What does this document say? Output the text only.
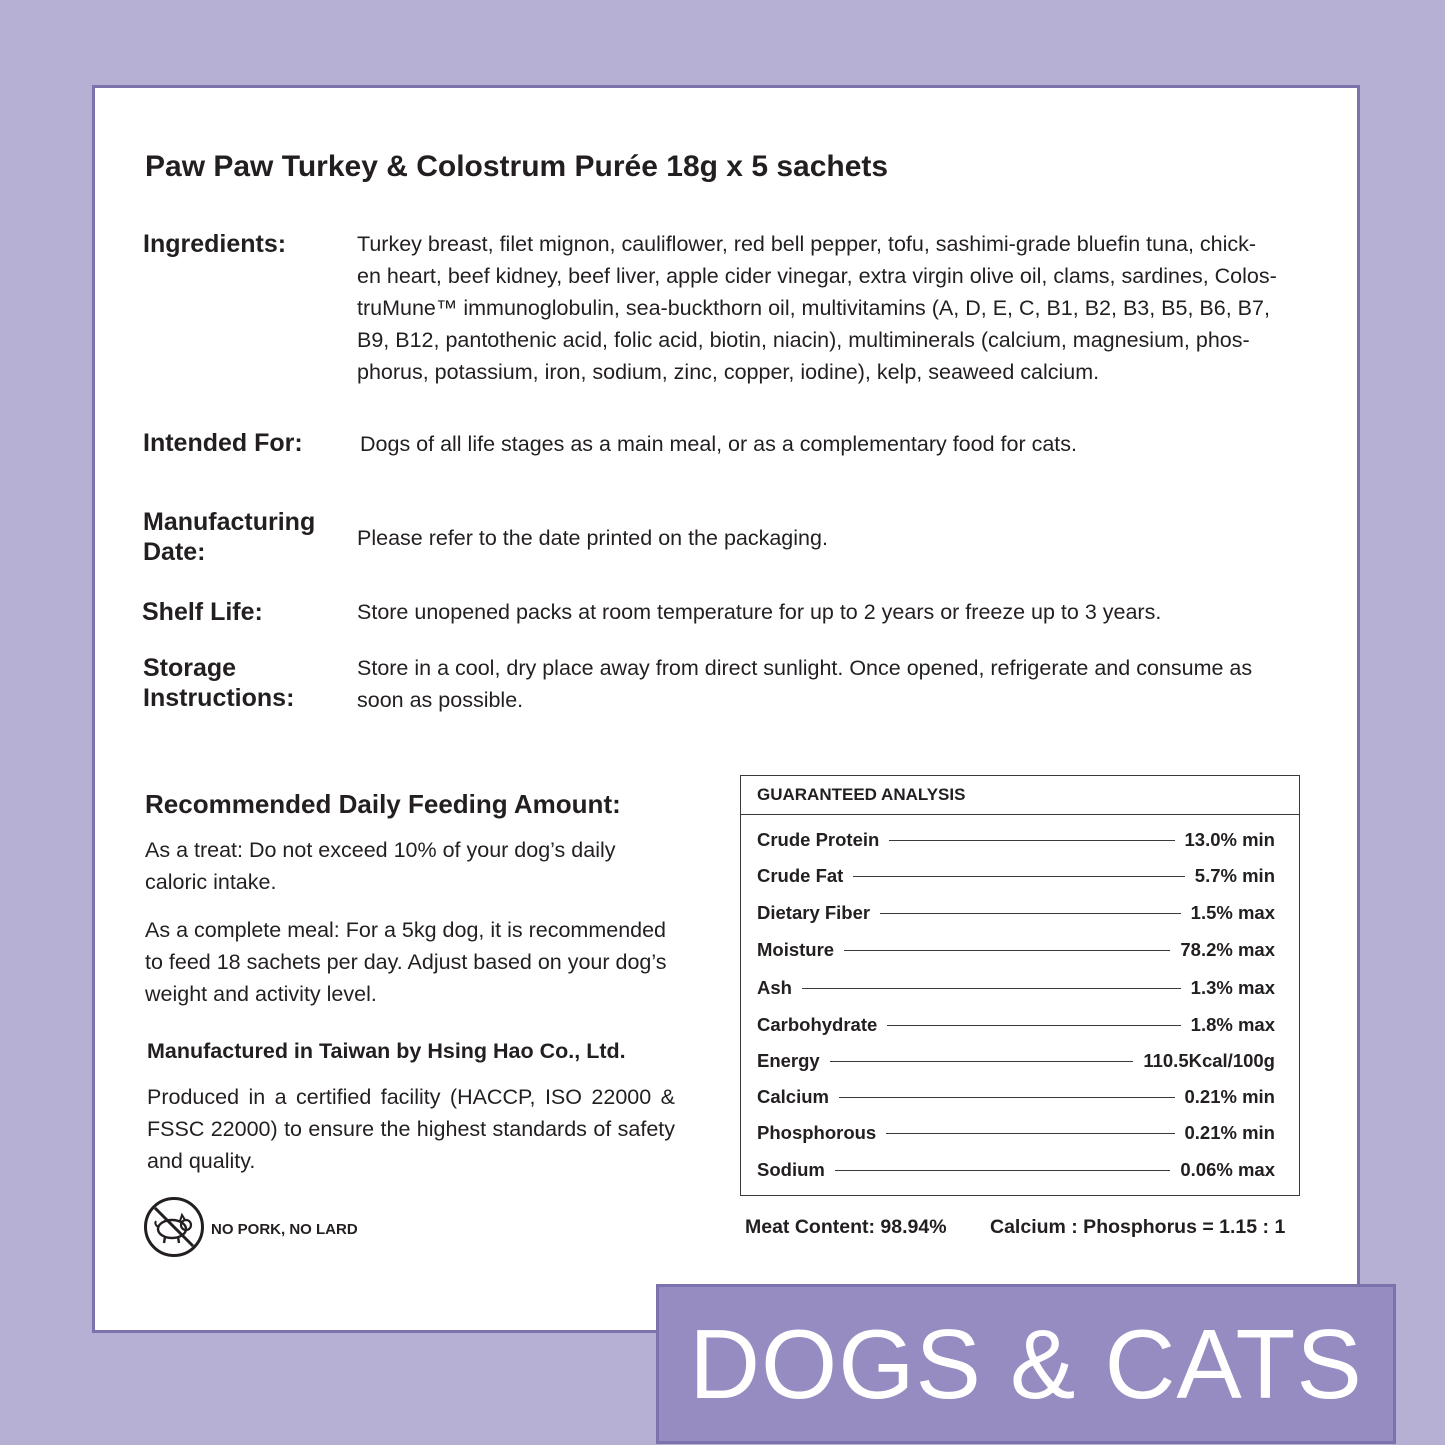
Paw Paw Turkey & Colostrum Purée 18g x 5 sachets
Ingredients:	Turkey breast, filet mignon, cauliflower, red bell pepper, tofu, sashimi-grade bluefin tuna, chick-
en heart, beef kidney, beef liver, apple cider vinegar, extra virgin olive oil, clams, sardines, Colos-
truMune™ immunoglobulin, sea-buckthorn oil, multivitamins (A, D, E, C, B1, B2, B3, B5, B6, B7,
B9, B12, pantothenic acid, folic acid, biotin, niacin), multiminerals (calcium, magnesium, phos-
phorus, potassium, iron, sodium, zinc, copper, iodine), kelp, seaweed calcium.
Intended For:	Dogs of all life stages as a main meal, or as a complementary food for cats.
Manufacturing
Date:	Please refer to the date printed on the packaging.
Shelf Life:	Store unopened packs at room temperature for up to 2 years or freeze up to 3 years.
Storage
Instructions:
Store in a cool, dry place away from direct sunlight. Once opened, refrigerate and consume as soon as possible.
Recommended Daily Feeding Amount:
As a treat: Do not exceed 10% of your dog’s daily caloric intake.
As a complete meal: For a 5kg dog, it is recommended to feed 18 sachets per day. Adjust based on your dog’s weight and activity level.
Manufactured in Taiwan by Hsing Hao Co., Ltd.
Produced in a certified facility (HACCP, ISO 22000 & FSSC 22000) to ensure the highest standards of safety and quality.
NO PORK, NO LARD
GUARANTEED ANALYSIS
Crude Protein	13.0% min
Crude Fat	5.7% min
Dietary Fiber	1.5% max
Moisture	78.2% max
Ash	1.3% max
Carbohydrate	1.8% max
Energy	110.5Kcal/100g
Calcium	0.21% min
Phosphorous	0.21% min
Sodium	0.06% max
Meat Content: 98.94% Calcium : Phosphorus = 1.15 : 1
DOGS & CATS
